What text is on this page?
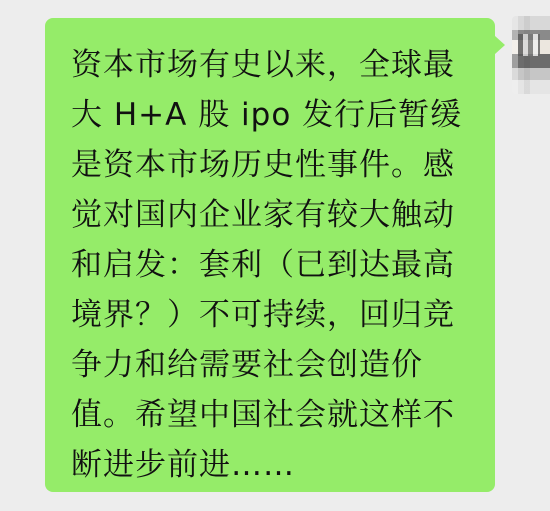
资本市场有史以来，全球最大 H+A 股 ipo 发行后暂缓是资本市场历史性事件。感觉对国内企业家有较大触动和启发：套利（已到达最高境界？）不可持续，回归竞争力和给需要社会创造价值。希望中国社会就这样不断进步前进……
